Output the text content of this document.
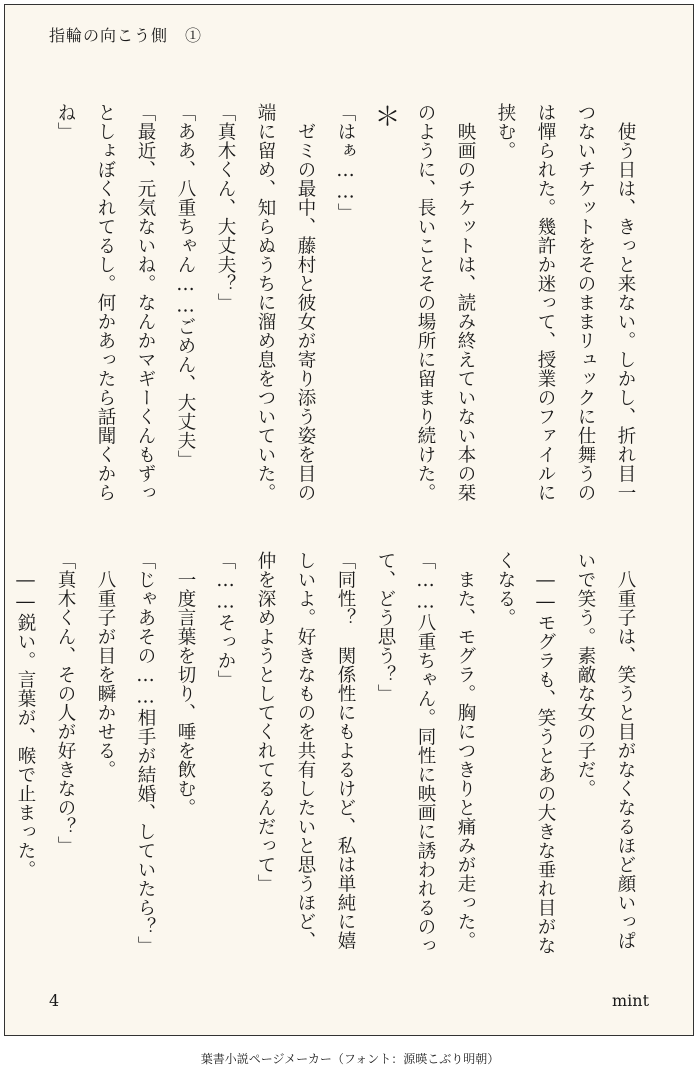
指輪の向こう側　①
　使う日は、きっと来ない。しかし、折れ目一
つないチケットをそのままリュックに仕舞うの
は憚られた。幾許か迷って、授業のファイルに
挟む。
　映画のチケットは、読み終えていない本の栞
のように、長いことその場所に留まり続けた。
＊
「はぁ……」
　ゼミの最中、藤村と彼女が寄り添う姿を目の
端に留め、知らぬうちに溜め息をついていた。
「真木くん、大丈夫？」
「ああ、八重ちゃん……ごめん、大丈夫」
「最近、元気ないね。なんかマギーくんもずっ
としょぼくれてるし。何かあったら話聞くから
ね」
　八重子は、笑うと目がなくなるほど顔いっぱ
いで笑う。素敵な女の子だ。
　――モグラも、笑うとあの大きな垂れ目がな
くなる。
　また、モグラ。胸につきりと痛みが走った。
「……八重ちゃん。同性に映画に誘われるのっ
て、どう思う？」
「同性？　関係性にもよるけど、私は単純に嬉
しいよ。好きなものを共有したいと思うほど、
仲を深めようとしてくれてるんだって」
「……そっか」
　一度言葉を切り、唾を飲む。
「じゃあその……相手が結婚、していたら？」
　八重子が目を瞬かせる。
「真木くん、その人が好きなの？」
　――鋭い。言葉が、喉で止まった。
4	mint
葉書小説ページメーカー（フォント：源暎こぶり明朝）
